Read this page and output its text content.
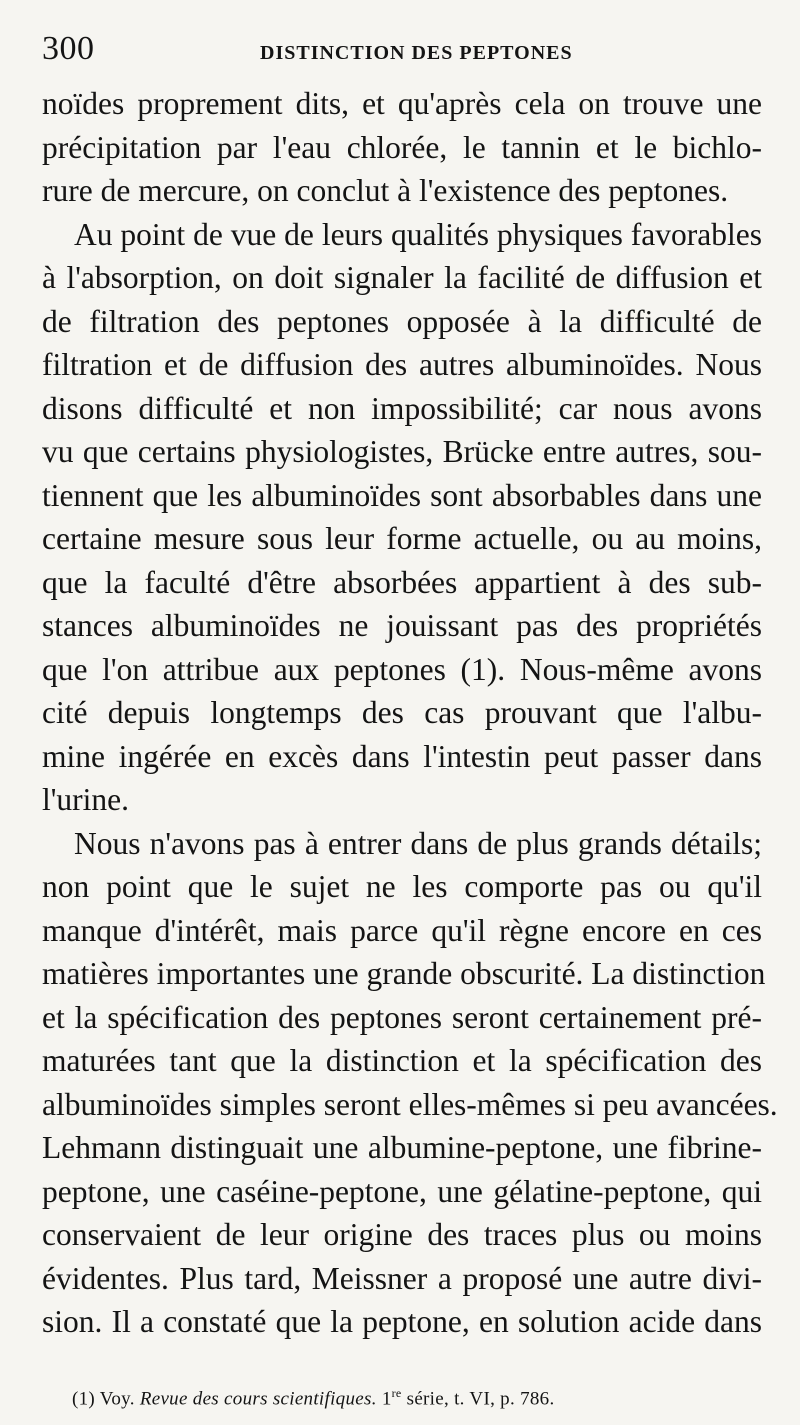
300	DISTINCTION DES PEPTONES
noïdes proprement dits, et qu'après cela on trouve une
précipitation par l'eau chlorée, le tannin et le bichlo-
rure de mercure, on conclut à l'existence des peptones.
Au point de vue de leurs qualités physiques favorables
à l'absorption, on doit signaler la facilité de diffusion et
de filtration des peptones opposée à la difficulté de
filtration et de diffusion des autres albuminoïdes. Nous
disons difficulté et non impossibilité; car nous avons
vu que certains physiologistes, Brücke entre autres, sou-
tiennent que les albuminoïdes sont absorbables dans une
certaine mesure sous leur forme actuelle, ou au moins,
que la faculté d'être absorbées appartient à des sub-
stances albuminoïdes ne jouissant pas des propriétés
que l'on attribue aux peptones (1). Nous-même avons
cité depuis longtemps des cas prouvant que l'albu-
mine ingérée en excès dans l'intestin peut passer dans
l'urine.
Nous n'avons pas à entrer dans de plus grands détails;
non point que le sujet ne les comporte pas ou qu'il
manque d'intérêt, mais parce qu'il règne encore en ces
matières importantes une grande obscurité. La distinction
et la spécification des peptones seront certainement pré-
maturées tant que la distinction et la spécification des
albuminoïdes simples seront elles-mêmes si peu avancées.
Lehmann distinguait une albumine-peptone, une fibrine-
peptone, une caséine-peptone, une gélatine-peptone, qui
conservaient de leur origine des traces plus ou moins
évidentes. Plus tard, Meissner a proposé une autre divi-
sion. Il a constaté que la peptone, en solution acide dans
(1) Voy. Revue des cours scientifiques. 1re série, t. VI, p. 786.
